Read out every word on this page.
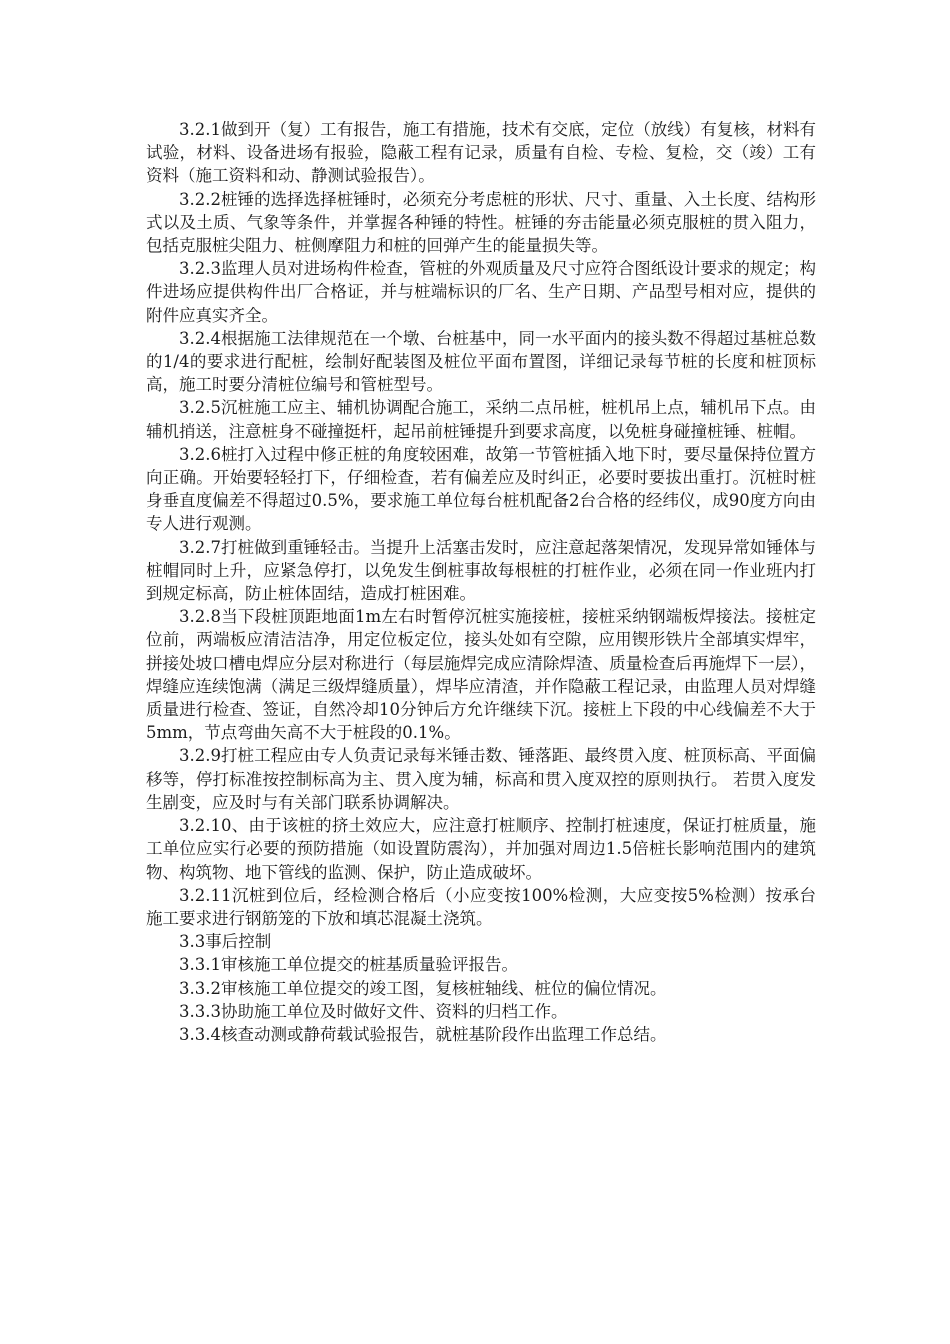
3.2.1做到开（复）工有报告，施工有措施，技术有交底，定位（放线）有复核，材料有试验，材料、设备进场有报验，隐蔽工程有记录，质量有自检、专检、复检，交（竣）工有资料（施工资料和动、静测试验报告）。

3.2.2桩锤的选择选择桩锤时，必须充分考虑桩的形状、尺寸、重量、入土长度、结构形式以及土质、气象等条件，并掌握各种锤的特性。桩锤的夯击能量必须克服桩的贯入阻力，包括克服桩尖阻力、桩侧摩阻力和桩的回弹产生的能量损失等。

3.2.3监理人员对进场构件检查，管桩的外观质量及尺寸应符合图纸设计要求的规定；构件进场应提供构件出厂合格证，并与桩端标识的厂名、生产日期、产品型号相对应，提供的附件应真实齐全。

3.2.4根据施工法律规范在一个墩、台桩基中，同一水平面内的接头数不得超过基桩总数的1/4的要求进行配桩，绘制好配装图及桩位平面布置图，详细记录每节桩的长度和桩顶标高，施工时要分清桩位编号和管桩型号。

3.2.5沉桩施工应主、辅机协调配合施工，采纳二点吊桩，桩机吊上点，辅机吊下点。由辅机捎送，注意桩身不碰撞挺杆，起吊前桩锤提升到要求高度，以免桩身碰撞桩锤、桩帽。

3.2.6桩打入过程中修正桩的角度较困难，故第一节管桩插入地下时，要尽量保持位置方向正确。开始要轻轻打下，仔细检查，若有偏差应及时纠正，必要时要拔出重打。沉桩时桩身垂直度偏差不得超过0.5%，要求施工单位每台桩机配备2台合格的经纬仪，成90度方向由专人进行观测。

3.2.7打桩做到重锤轻击。当提升上活塞击发时，应注意起落架情况，发现异常如锤体与桩帽同时上升，应紧急停打，以免发生倒桩事故每根桩的打桩作业，必须在同一作业班内打到规定标高，防止桩体固结，造成打桩困难。

3.2.8当下段桩顶距地面1m左右时暂停沉桩实施接桩，接桩采纳钢端板焊接法。接桩定位前，两端板应清洁洁净，用定位板定位，接头处如有空隙，应用锲形铁片全部填实焊牢，拼接处坡口槽电焊应分层对称进行（每层施焊完成应清除焊渣、质量检查后再施焊下一层），焊缝应连续饱满（满足三级焊缝质量），焊毕应清渣，并作隐蔽工程记录，由监理人员对焊缝质量进行检查、签证，自然冷却10分钟后方允许继续下沉。接桩上下段的中心线偏差不大于5mm，节点弯曲矢高不大于桩段的0.1%。

3.2.9打桩工程应由专人负责记录每米锤击数、锤落距、最终贯入度、桩顶标高、平面偏移等，停打标准按控制标高为主、贯入度为辅，标高和贯入度双控的原则执行。 若贯入度发生剧变，应及时与有关部门联系协调解决。

3.2.10、由于该桩的挤土效应大，应注意打桩顺序、控制打桩速度，保证打桩质量，施工单位应实行必要的预防措施（如设置防震沟），并加强对周边1.5倍桩长影响范围内的建筑物、构筑物、地下管线的监测、保护，防止造成破坏。

3.2.11沉桩到位后，经检测合格后（小应变按100%检测，大应变按5%检测）按承台施工要求进行钢筋笼的下放和填芯混凝土浇筑。

3.3事后控制

3.3.1审核施工单位提交的桩基质量验评报告。

3.3.2审核施工单位提交的竣工图，复核桩轴线、桩位的偏位情况。

3.3.3协助施工单位及时做好文件、资料的归档工作。

3.3.4核查动测或静荷载试验报告，就桩基阶段作出监理工作总结。
